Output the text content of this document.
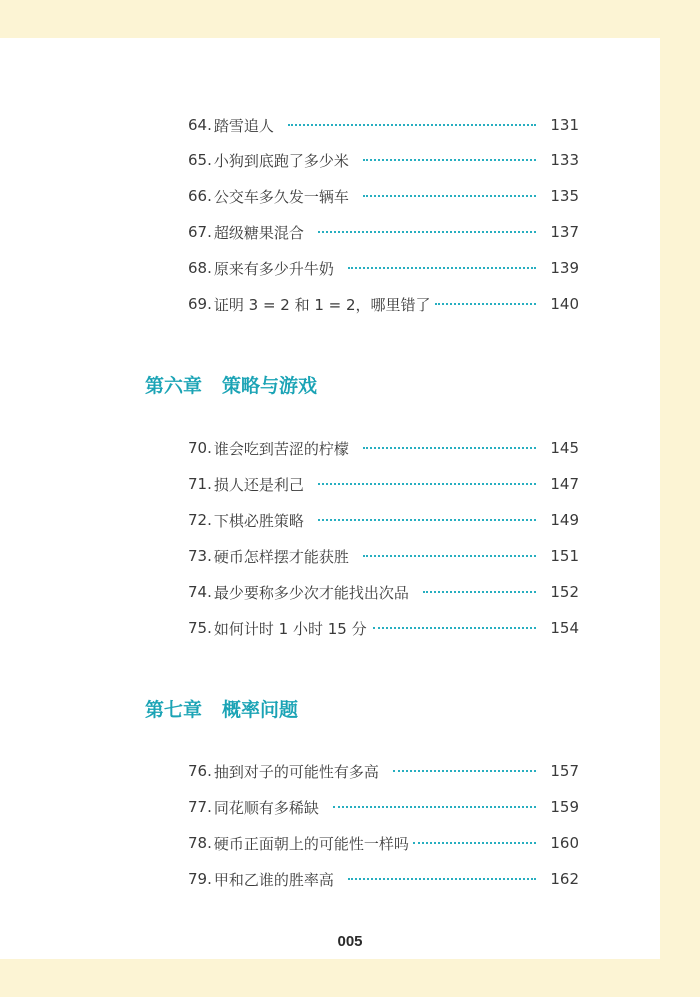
64. 踏雪追人	131
65. 小狗到底跑了多少米	133
66. 公交车多久发一辆车	135
67. 超级糖果混合	137
68. 原来有多少升牛奶	139
69. 证明 3 = 2 和 1 = 2，哪里错了	140
第六章 策略与游戏
70. 谁会吃到苦涩的柠檬	145
71. 损人还是利己	147
72. 下棋必胜策略	149
73. 硬币怎样摆才能获胜	151
74. 最少要称多少次才能找出次品	152
75. 如何计时 1 小时 15 分	154
第七章 概率问题
76. 抽到对子的可能性有多高	157
77. 同花顺有多稀缺	159
78. 硬币正面朝上的可能性一样吗	160
79. 甲和乙谁的胜率高	162
005
